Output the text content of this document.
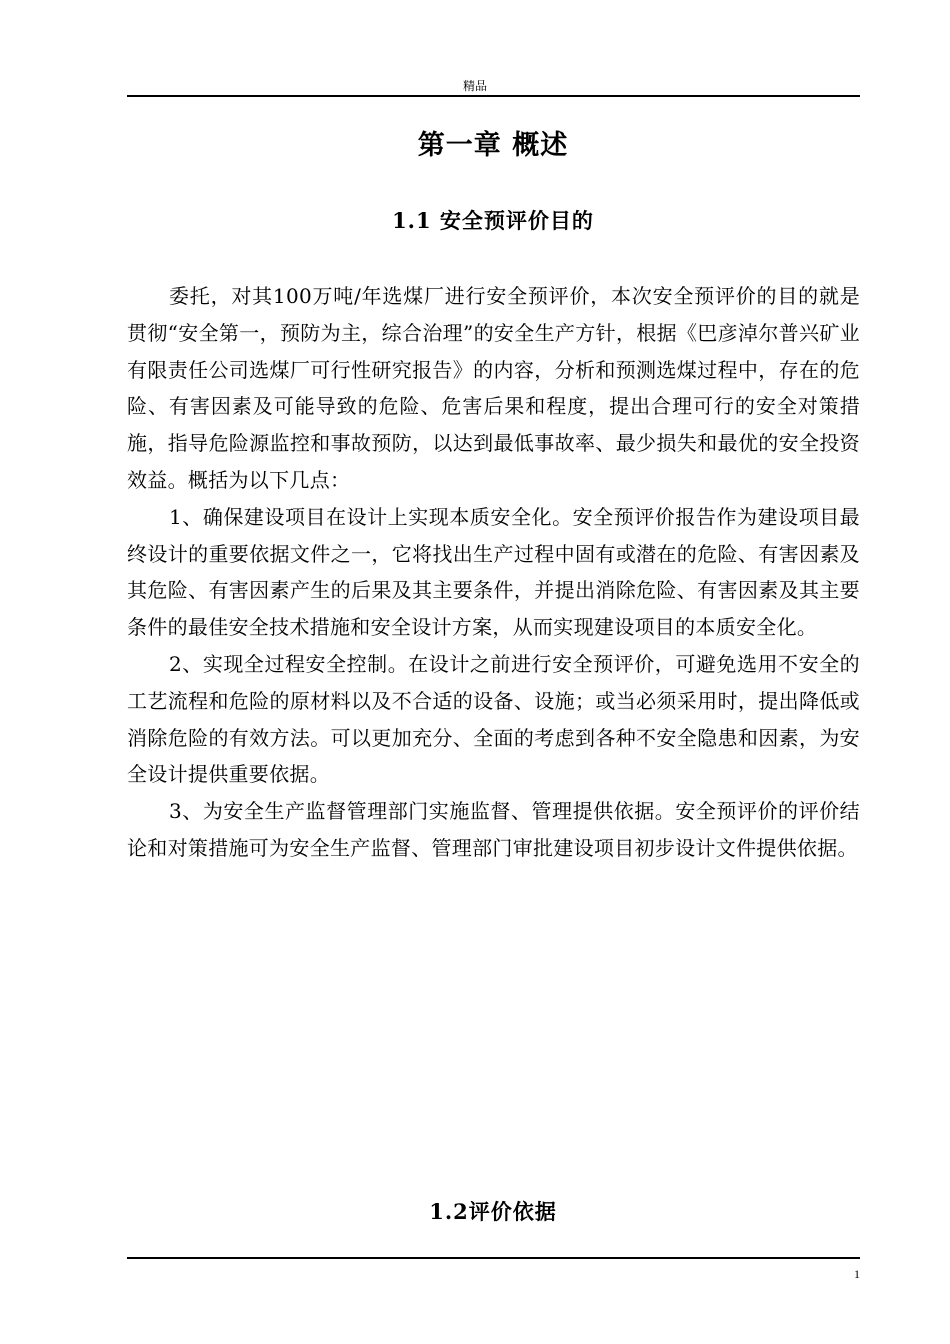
精品
第一章 概述
1.1 安全预评价目的

委托，对其100万吨/年选煤厂进行安全预评价，本次安全预评价的目的就是贯彻“安全第一，预防为主，综合治理”的安全生产方针，根据《巴彦淖尔普兴矿业有限责任公司选煤厂可行性研究报告》的内容，分析和预测选煤过程中，存在的危险、有害因素及可能导致的危险、危害后果和程度，提出合理可行的安全对策措施，指导危险源监控和事故预防，以达到最低事故率、最少损失和最优的安全投资效益。概括为以下几点：

1、确保建设项目在设计上实现本质安全化。安全预评价报告作为建设项目最终设计的重要依据文件之一，它将找出生产过程中固有或潜在的危险、有害因素及其危险、有害因素产生的后果及其主要条件，并提出消除危险、有害因素及其主要条件的最佳安全技术措施和安全设计方案，从而实现建设项目的本质安全化。

2、实现全过程安全控制。在设计之前进行安全预评价，可避免选用不安全的工艺流程和危险的原材料以及不合适的设备、设施；或当必须采用时，提出降低或消除危险的有效方法。可以更加充分、全面的考虑到各种不安全隐患和因素，为安全设计提供重要依据。

3、为安全生产监督管理部门实施监督、管理提供依据。安全预评价的评价结论和对策措施可为安全生产监督、管理部门审批建设项目初步设计文件提供依据。

1.2评价依据
1
